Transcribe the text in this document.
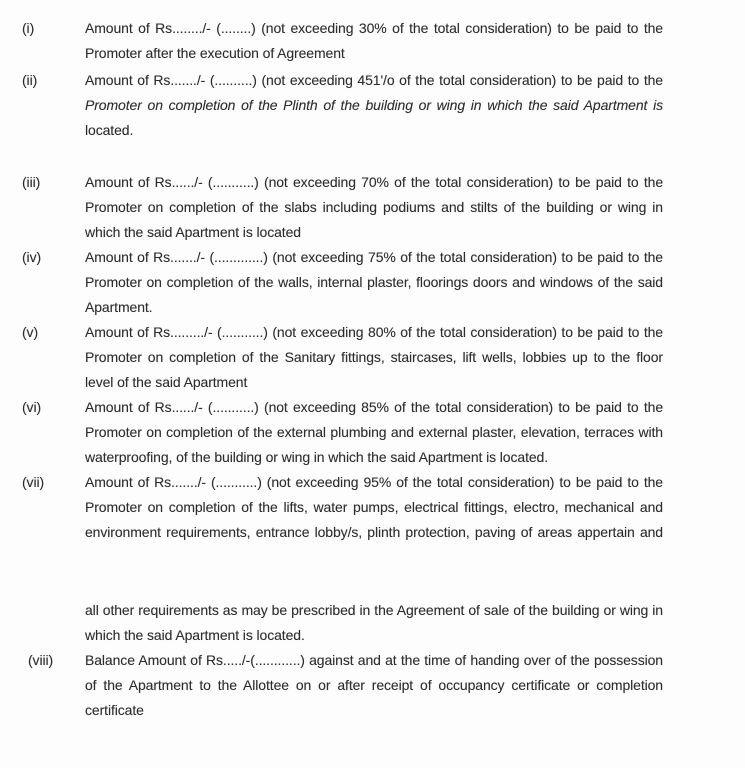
(i)	Amount of Rs......../- (........) (not exceeding 30% of the total consideration) to be paid to the
Promoter after the execution of Agreement
(ii)	Amount of Rs......./- (..........) (not exceeding 451'/o of the total consideration) to be paid to the
Promoter on completion of the Plinth of the building or wing in which the said Apartment is
located.
(iii)	Amount of Rs....../- (...........) (not exceeding 70% of the total consideration) to be paid to the
Promoter on completion of the slabs including podiums and stilts of the building or wing in
which the said Apartment is located
(iv)	Amount of Rs......./- (.............) (not exceeding 75% of the total consideration) to be paid to the
Promoter on completion of the walls, internal plaster, floorings doors and windows of the said
Apartment.
(v)	Amount of Rs........./- (...........) (not exceeding 80% of the total consideration) to be paid to the
Promoter on completion of the Sanitary fittings, staircases, lift wells, lobbies up to the floor
level of the said Apartment
(vi)	Amount of Rs....../- (...........) (not exceeding 85% of the total consideration) to be paid to the
Promoter on completion of the external plumbing and external plaster, elevation, terraces with
waterproofing, of the building or wing in which the said Apartment is located.
(vii)	Amount of Rs......./- (...........) (not exceeding 95% of the total consideration) to be paid to the
Promoter on completion of the lifts, water pumps, electrical fittings, electro, mechanical and
environment requirements, entrance lobby/s, plinth protection, paving of areas appertain and
all other requirements as may be prescribed in the Agreement of sale of the building or wing in
which the said Apartment is located.
(viii)	Balance Amount of Rs...../-(............) against and at the time of handing over of the possession
of the Apartment to the Allottee on or after receipt of occupancy certificate or completion
certificate
